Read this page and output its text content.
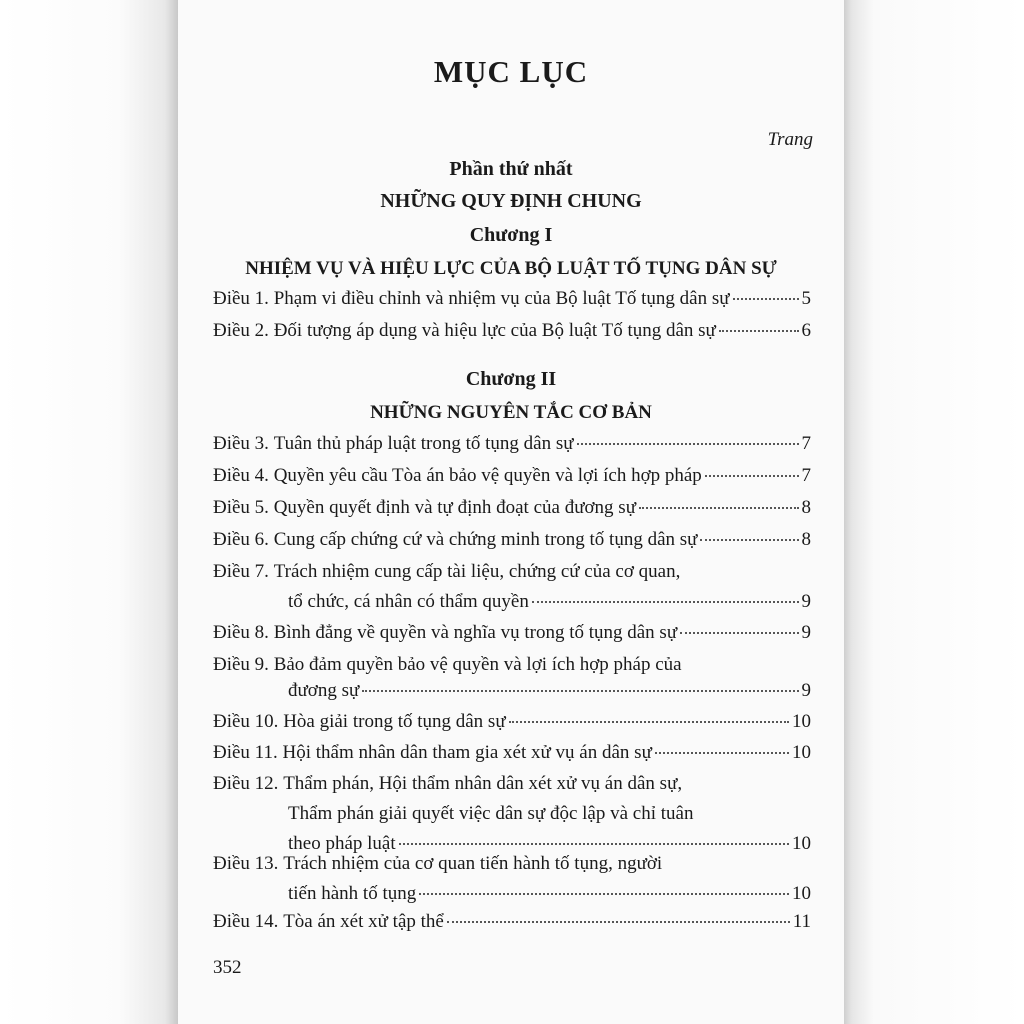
MỤC LỤC
Trang
Phần thứ nhất
NHỮNG QUY ĐỊNH CHUNG
Chương I
NHIỆM VỤ VÀ HIỆU LỰC CỦA BỘ LUẬT TỐ TỤNG DÂN SỰ
Điều 1.
Phạm vi điều chỉnh và nhiệm vụ của Bộ luật Tố tụng dân sự	5
Điều 2.
Đối tượng áp dụng và hiệu lực của Bộ luật Tố tụng dân sự	6
Chương II
NHỮNG NGUYÊN TẮC CƠ BẢN
Điều 3.
Tuân thủ pháp luật trong tố tụng dân sự	7
Điều 4.
Quyền yêu cầu Tòa án bảo vệ quyền và lợi ích hợp pháp	7
Điều 5.
Quyền quyết định và tự định đoạt của đương sự	8
Điều 6.
Cung cấp chứng cứ và chứng minh trong tố tụng dân sự	8
Điều 7.
Trách nhiệm cung cấp tài liệu, chứng cứ của cơ quan,
tổ chức, cá nhân có thẩm quyền	9
Điều 8.
Bình đẳng về quyền và nghĩa vụ trong tố tụng dân sự	9
Điều 9.
Bảo đảm quyền bảo vệ quyền và lợi ích hợp pháp của
đương sự	9
Điều 10.
Hòa giải trong tố tụng dân sự	10
Điều 11.
Hội thẩm nhân dân tham gia xét xử vụ án dân sự	10
Điều 12.
Thẩm phán, Hội thẩm nhân dân xét xử vụ án dân sự,
Thẩm phán giải quyết việc dân sự độc lập và chỉ tuân
theo pháp luật	10
Điều 13.
Trách nhiệm của cơ quan tiến hành tố tụng, người
tiến hành tố tụng	10
Điều 14.
Tòa án xét xử tập thể	11
352
